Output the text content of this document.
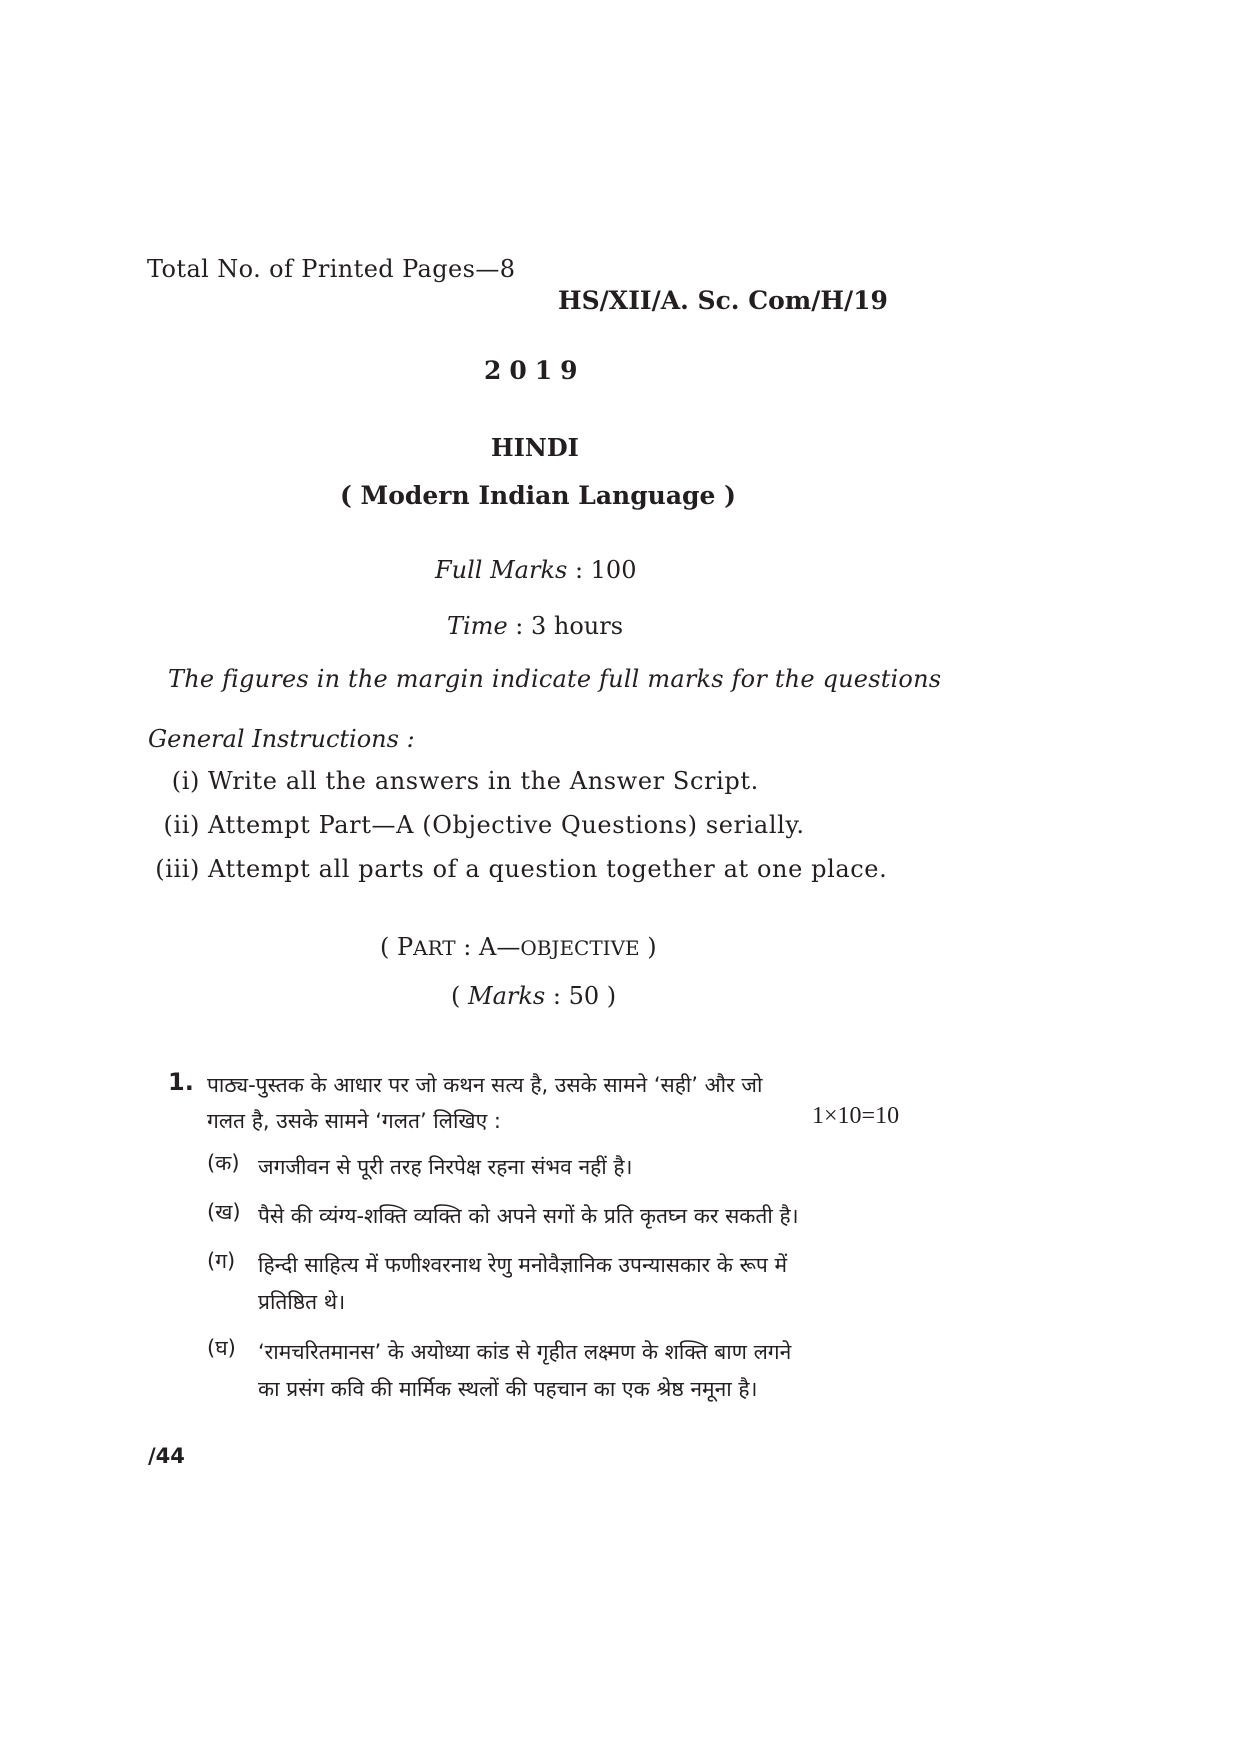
Total No. of Printed Pages—8
HS/XII/A. Sc. Com/H/19
2019
HINDI
( Modern Indian Language )
Full Marks : 100
Time : 3 hours
The figures in the margin indicate full marks for the questions
General Instructions :
(i) Write all the answers in the Answer Script.
(ii) Attempt Part—A (Objective Questions) serially.
(iii) Attempt all parts of a question together at one place.
( PART : A—OBJECTIVE )
( Marks : 50 )
1. पाठ्य-पुस्तक के आधार पर जो कथन सत्य है, उसके सामने ‘सही’ और जो
गलत है, उसके सामने ‘गलत’ लिखिए :	1×10=10
(क) जगजीवन से पूरी तरह निरपेक्ष रहना संभव नहीं है।
(ख) पैसे की व्यंग्य-शक्ति व्यक्ति को अपने सगों के प्रति कृतघ्न कर सकती है।
(ग) हिन्दी साहित्य में फणीश्वरनाथ रेणु मनोवैज्ञानिक उपन्यासकार के रूप में
प्रतिष्ठित थे।
(घ) ‘रामचरितमानस’ के अयोध्या कांड से गृहीत लक्ष्मण के शक्ति बाण लगने
का प्रसंग कवि की मार्मिक स्थलों की पहचान का एक श्रेष्ठ नमूना है।
/44
